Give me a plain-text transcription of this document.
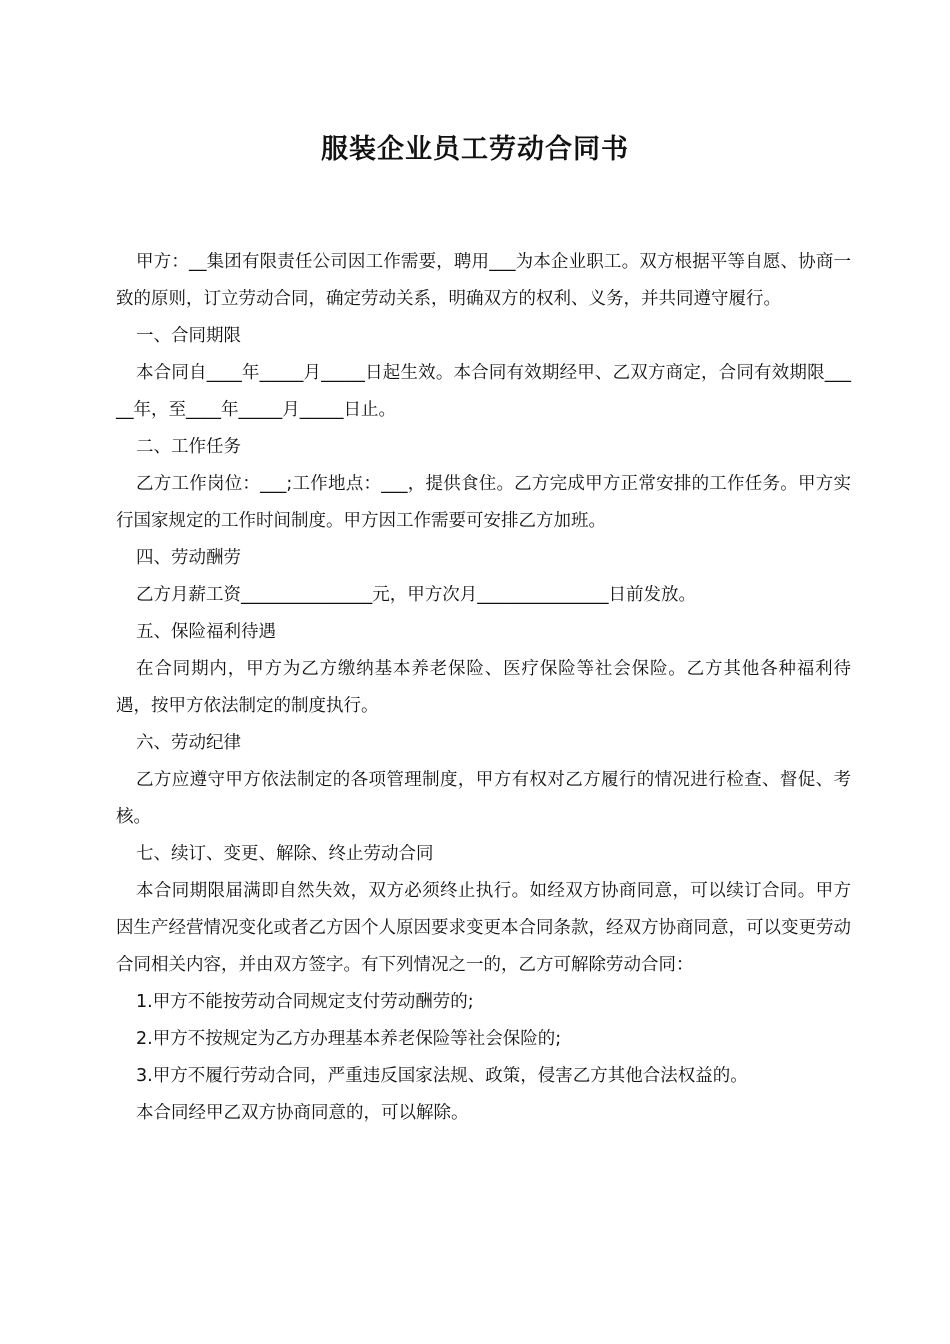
服装企业员工劳动合同书

甲方：__集团有限责任公司因工作需要，聘用___为本企业职工。双方根据平等自愿、协商一致的原则，订立劳动合同，确定劳动关系，明确双方的权利、义务，并共同遵守履行。

一、合同期限

本合同自____年_____月_____日起生效。本合同有效期经甲、乙双方商定，合同有效期限_____年，至____年_____月_____日止。

二、工作任务

乙方工作岗位：___;工作地点：___，提供食住。乙方完成甲方正常安排的工作任务。甲方实行国家规定的工作时间制度。甲方因工作需要可安排乙方加班。

四、劳动酬劳

乙方月薪工资_______________元，甲方次月_______________日前发放。

五、保险福利待遇

在合同期内，甲方为乙方缴纳基本养老保险、医疗保险等社会保险。乙方其他各种福利待遇，按甲方依法制定的制度执行。

六、劳动纪律

乙方应遵守甲方依法制定的各项管理制度，甲方有权对乙方履行的情况进行检查、督促、考核。

七、续订、变更、解除、终止劳动合同

本合同期限届满即自然失效，双方必须终止执行。如经双方协商同意，可以续订合同。甲方因生产经营情况变化或者乙方因个人原因要求变更本合同条款，经双方协商同意，可以变更劳动合同相关内容，并由双方签字。有下列情况之一的，乙方可解除劳动合同：

1.甲方不能按劳动合同规定支付劳动酬劳的;

2.甲方不按规定为乙方办理基本养老保险等社会保险的;

3.甲方不履行劳动合同，严重违反国家法规、政策，侵害乙方其他合法权益的。

本合同经甲乙双方协商同意的，可以解除。
